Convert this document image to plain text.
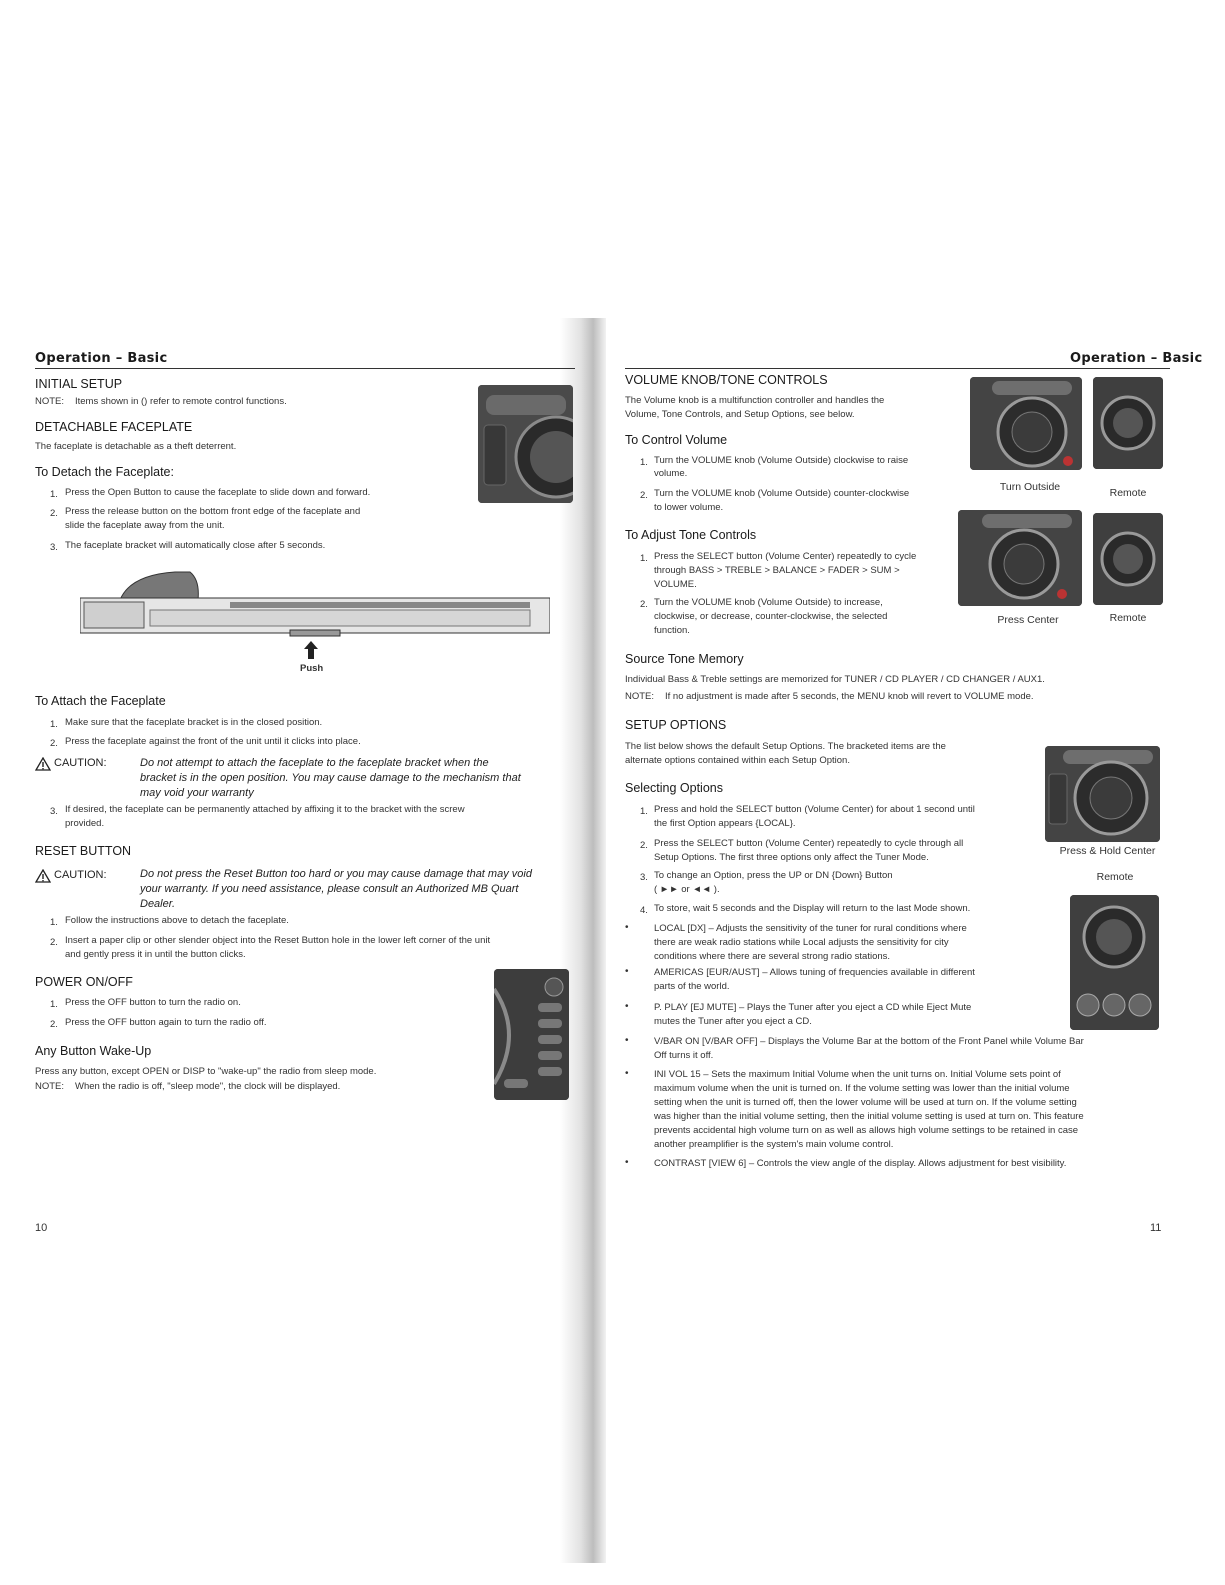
Operation – Basic
INITIAL SETUP
NOTE: Items shown in () refer to remote control functions.
DETACHABLE FACEPLATE
The faceplate is detachable as a theft deterrent.
To Detach the Faceplate:
1. Press the Open Button to cause the faceplate to slide down and forward.
2. Press the release button on the bottom front edge of the faceplate and
slide the faceplate away from the unit.
3. The faceplate bracket will automatically close after 5 seconds.
Push
To Attach the Faceplate
1. Make sure that the faceplate bracket is in the closed position.
2. Press the faceplate against the front of the unit until it clicks into place.
CAUTION:	Do not attempt to attach the faceplate to the faceplate bracket when the
bracket is in the open position. You may cause damage to the mechanism that
may void your warranty
3. If desired, the faceplate can be permanently attached by affixing it to the bracket with the screw
provided.
RESET BUTTON
CAUTION:	Do not press the Reset Button too hard or you may cause damage that may void
your warranty. If you need assistance, please consult an Authorized MB Quart
Dealer.
1. Follow the instructions above to detach the faceplate.
2. Insert a paper clip or other slender object into the Reset Button hole in the lower left corner of the unit
and gently press it in until the button clicks.
POWER ON/OFF
1. Press the OFF button to turn the radio on.
2. Press the OFF button again to turn the radio off.
Any Button Wake-Up
Press any button, except OPEN or DISP to "wake-up" the radio from sleep mode.
NOTE: When the radio is off, "sleep mode", the clock will be displayed.
10
Operation – Basic
VOLUME KNOB/TONE CONTROLS
The Volume knob is a multifunction controller and handles the
Volume, Tone Controls, and Setup Options, see below.
To Control Volume
1. Turn the VOLUME knob (Volume Outside) clockwise to raise
volume.
2. Turn the VOLUME knob (Volume Outside) counter-clockwise
to lower volume.
To Adjust Tone Controls
1. Press the SELECT button (Volume Center) repeatedly to cycle
through BASS > TREBLE > BALANCE > FADER > SUM >
VOLUME.
2. Turn the VOLUME knob (Volume Outside) to increase,
clockwise, or decrease, counter-clockwise, the selected
function.
Turn Outside	Remote
Press Center	Remote
Source Tone Memory
Individual Bass & Treble settings are memorized for TUNER / CD PLAYER / CD CHANGER / AUX1.
NOTE: If no adjustment is made after 5 seconds, the MENU knob will revert to VOLUME mode.
SETUP OPTIONS
The list below shows the default Setup Options. The bracketed items are the
alternate options contained within each Setup Option.
Selecting Options
1. Press and hold the SELECT button (Volume Center) for about 1 second until
the first Option appears {LOCAL}.
2. Press the SELECT button (Volume Center) repeatedly to cycle through all
Setup Options. The first three options only affect the Tuner Mode.
3. To change an Option, press the UP or DN {Down} Button
( ►► or ◄◄ ).
4. To store, wait 5 seconds and the Display will return to the last Mode shown.
Press & Hold Center
Remote
•	LOCAL [DX] – Adjusts the sensitivity of the tuner for rural conditions where
there are weak radio stations while Local adjusts the sensitivity for city
conditions where there are several strong radio stations.
•	AMERICAS [EUR/AUST] – Allows tuning of frequencies available in different
parts of the world.
•	P. PLAY [EJ MUTE] – Plays the Tuner after you eject a CD while Eject Mute
mutes the Tuner after you eject a CD.
•	V/BAR ON [V/BAR OFF] – Displays the Volume Bar at the bottom of the Front Panel while Volume Bar
Off turns it off.
•	INI VOL 15 – Sets the maximum Initial Volume when the unit turns on. Initial Volume sets point of
maximum volume when the unit is turned on. If the volume setting was lower than the initial volume
setting when the unit is turned off, then the lower volume will be used at turn on. If the volume setting
was higher than the initial volume setting, then the initial volume setting is used at turn on. This feature
prevents accidental high volume turn on as well as allows high volume settings to be retained in case
another preamplifier is the system's main volume control.
•	CONTRAST [VIEW 6] – Controls the view angle of the display. Allows adjustment for best visibility.
11
